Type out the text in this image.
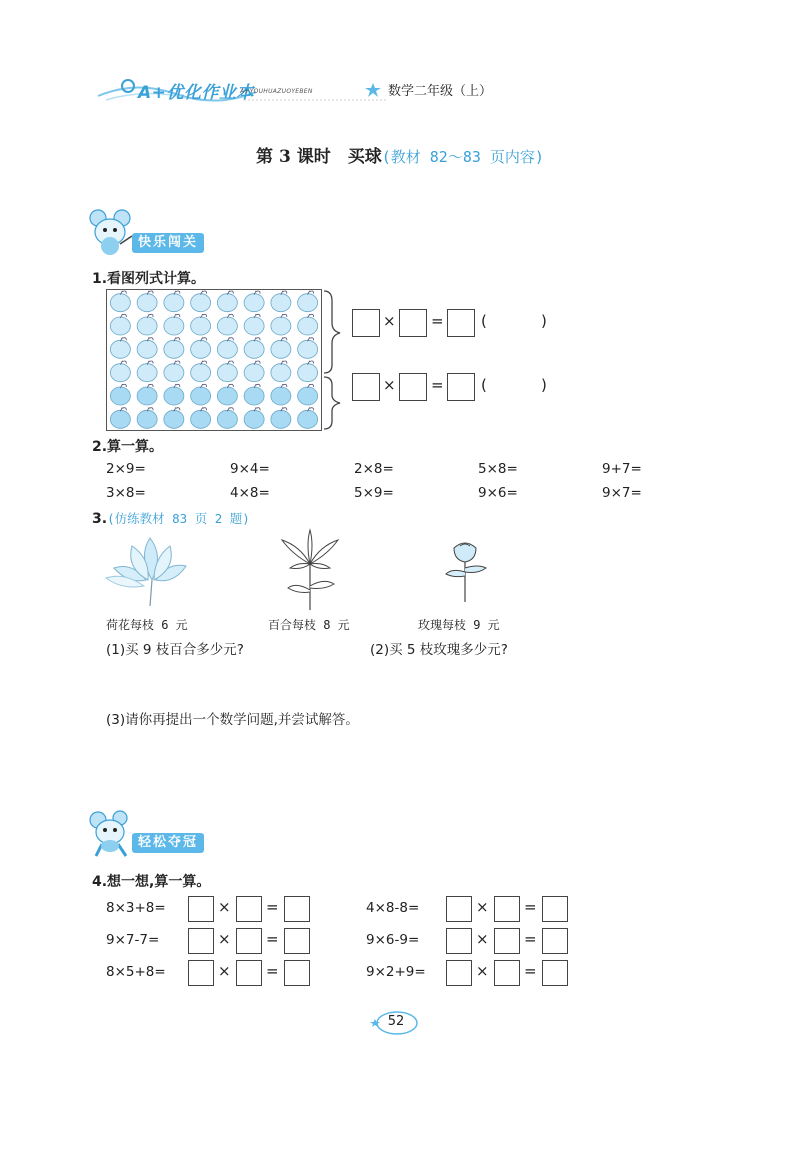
A+优化作业本
A+YOUHUAZUOYEBEN	数学二年级（上）
第 3 课时　买球(教材 82～83 页内容)
快乐闯关
1.看图列式计算。
× = (	)
× = (	)
2.算一算。
2×9=	9×4=	2×8=	5×8=	9+7=
3×8=	4×8=	5×9=	9×6=	9×7=
3.(仿练教材 83 页 2 题)
荷花每枝 6 元	百合每枝 8 元	玫瑰每枝 9 元
(1)买 9 枝百合多少元?	(2)买 5 枝玫瑰多少元?
(3)请你再提出一个数学问题,并尝试解答。
轻松夺冠
4.想一想,算一算。
8×3+8=	× =
9×7-7=	× =
8×5+8=	× =
4×8-8=	× =
9×6-9=	× =
9×2+9=	× =
52
